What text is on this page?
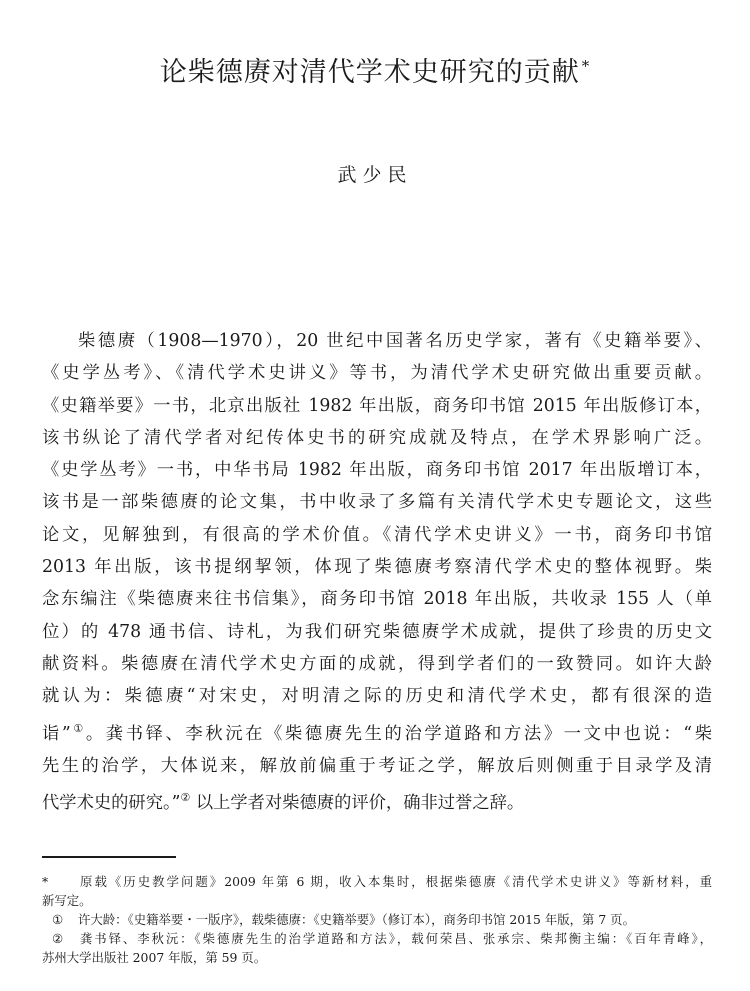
论柴德赓对清代学术史研究的贡献 *
武少民

柴德赓（1908—1970），20 世纪中国著名历史学家，著有《史籍举要》、
《史学丛考》、《清代学术史讲义》等书，为清代学术史研究做出重要贡献。
《史籍举要》一书，北京出版社 1982 年出版，商务印书馆 2015 年出版修订本，
该书纵论了清代学者对纪传体史书的研究成就及特点，在学术界影响广泛。
《史学丛考》一书，中华书局 1982 年出版，商务印书馆 2017 年出版增订本，
该书是一部柴德赓的论文集，书中收录了多篇有关清代学术史专题论文，这些
论文，见解独到，有很高的学术价值。《清代学术史讲义》一书，商务印书馆
2013 年出版，该书提纲挈领，体现了柴德赓考察清代学术史的整体视野。柴
念东编注《柴德赓来往书信集》，商务印书馆 2018 年出版，共收录 155 人（单
位）的 478 通书信、诗札，为我们研究柴德赓学术成就，提供了珍贵的历史文
献资料。柴德赓在清代学术史方面的成就，得到学者们的一致赞同。如许大龄
就认为：柴德赓“对宋史，对明清之际的历史和清代学术史，都有很深的造
诣”①。龚书铎、李秋沅在《柴德赓先生的治学道路和方法》一文中也说：“柴
先生的治学，大体说来，解放前偏重于考证之学，解放后则侧重于目录学及清
代学术史的研究。”② 以上学者对柴德赓的评价，确非过誉之辞。

* 原载《历史教学问题》2009 年第 6 期，收入本集时，根据柴德赓《清代学术史讲义》等新材料，重
新写定。
① 许大龄：《史籍举要・一版序》，载柴德赓：《史籍举要》（修订本），商务印书馆 2015 年版，第 7 页。
② 龚书铎、李秋沅：《柴德赓先生的治学道路和方法》，载何荣昌、张承宗、柴邦衡主编：《百年青峰》，
苏州大学出版社 2007 年版，第 59 页。
